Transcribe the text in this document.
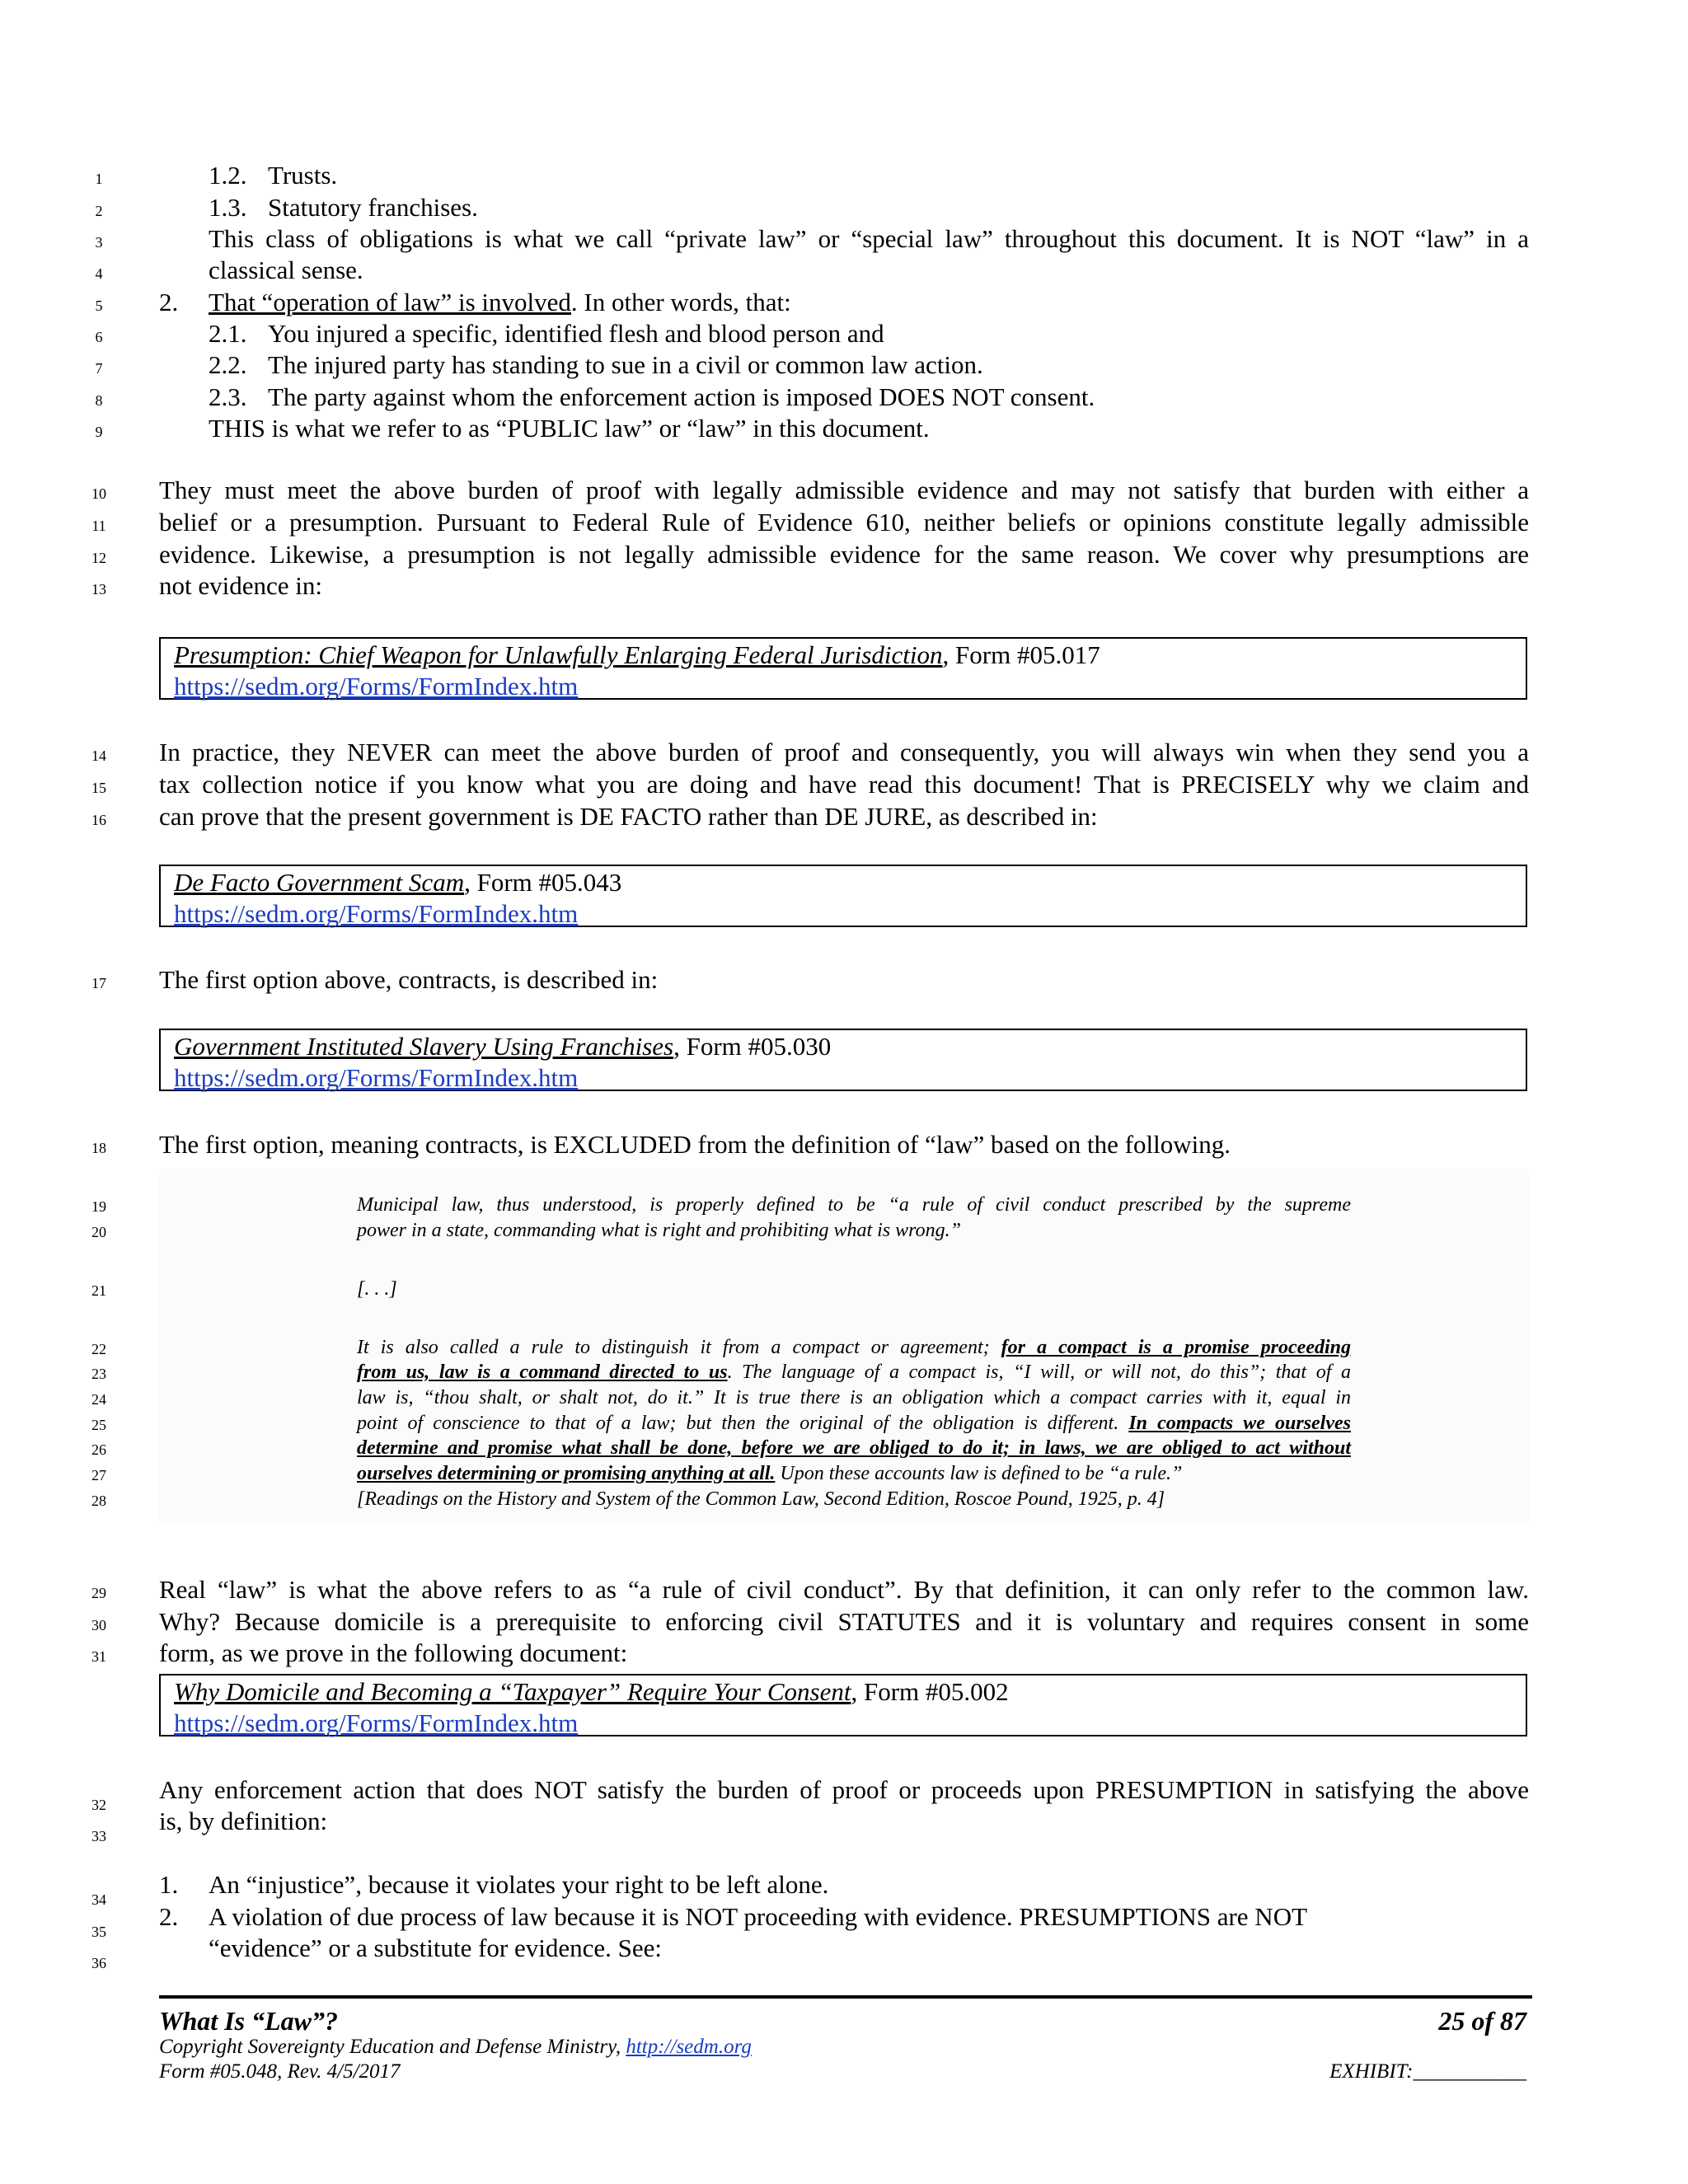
1
2
3
4
5
6
7
8
9
10
11
12
13
14
15
16
17
18
19
20
21
22
23
24
25
26
27
28
29
30
31
32
33
34
35
36
1.2. Trusts.
1.3. Statutory franchises.
This class of obligations is what we call “private law” or “special law” throughout this document. It is NOT “law” in a
classical sense.
2. That “operation of law” is involved. In other words, that:
2.1. You injured a specific, identified flesh and blood person and
2.2. The injured party has standing to sue in a civil or common law action.
2.3. The party against whom the enforcement action is imposed DOES NOT consent.
THIS is what we refer to as “PUBLIC law” or “law” in this document.
They must meet the above burden of proof with legally admissible evidence and may not satisfy that burden with either a
belief or a presumption. Pursuant to Federal Rule of Evidence 610, neither beliefs or opinions constitute legally admissible
evidence. Likewise, a presumption is not legally admissible evidence for the same reason. We cover why presumptions are
not evidence in:
Presumption: Chief Weapon for Unlawfully Enlarging Federal Jurisdiction, Form #05.017
https://sedm.org/Forms/FormIndex.htm
In practice, they NEVER can meet the above burden of proof and consequently, you will always win when they send you a
tax collection notice if you know what you are doing and have read this document! That is PRECISELY why we claim and
can prove that the present government is DE FACTO rather than DE JURE, as described in:
De Facto Government Scam, Form #05.043
https://sedm.org/Forms/FormIndex.htm
The first option above, contracts, is described in:
Government Instituted Slavery Using Franchises, Form #05.030
https://sedm.org/Forms/FormIndex.htm
The first option, meaning contracts, is EXCLUDED from the definition of “law” based on the following.
Municipal law, thus understood, is properly defined to be “a rule of civil conduct prescribed by the supreme
power in a state, commanding what is right and prohibiting what is wrong.”
[. . .]
It is also called a rule to distinguish it from a compact or agreement; for a compact is a promise proceeding
from us, law is a command directed to us. The language of a compact is, “I will, or will not, do this”; that of a
law is, “thou shalt, or shalt not, do it.” It is true there is an obligation which a compact carries with it, equal in
point of conscience to that of a law; but then the original of the obligation is different. In compacts we ourselves
determine and promise what shall be done, before we are obliged to do it; in laws, we are obliged to act without
ourselves determining or promising anything at all. Upon these accounts law is defined to be “a rule.”
[Readings on the History and System of the Common Law, Second Edition, Roscoe Pound, 1925, p. 4]
Real “law” is what the above refers to as “a rule of civil conduct”. By that definition, it can only refer to the common law.
Why? Because domicile is a prerequisite to enforcing civil STATUTES and it is voluntary and requires consent in some
form, as we prove in the following document:
Why Domicile and Becoming a “Taxpayer” Require Your Consent, Form #05.002
https://sedm.org/Forms/FormIndex.htm
Any enforcement action that does NOT satisfy the burden of proof or proceeds upon PRESUMPTION in satisfying the above
is, by definition:
1. An “injustice”, because it violates your right to be left alone.
2. A violation of due process of law because it is NOT proceeding with evidence. PRESUMPTIONS are NOT
“evidence” or a substitute for evidence. See:
What Is “Law”?	25 of 87
Copyright Sovereignty Education and Defense Ministry, http://sedm.org
Form #05.048, Rev. 4/5/2017	EXHIBIT:___________
